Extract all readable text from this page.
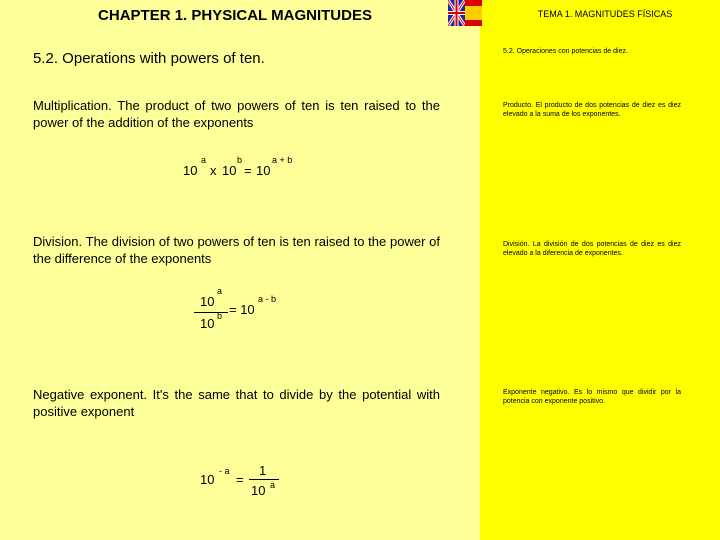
CHAPTER 1. PHYSICAL MAGNITUDES	TEMA 1. MAGNITUDES FÍSICAS
5.2. Operations with powers of ten.	5.2. Operaciones con potencias de diez.
Multiplication. The product of two powers of ten is ten raised to the power of the addition of the exponents
Producto. El producto de dos potencias de diez es diez elevado a la suma de los exponentes.
10
a
x 10
b
= 10
a + b
Division. The division of two powers of ten is ten raised to the power of the difference of the exponents
División. La división de dos potencias de diez es diez elevado a la diferencia de exponentes.
10
a
10 b = 10
a - b
Negative exponent. It's the same that to divide by the potential with positive exponent
Exponente negativo. Es lo mismo que dividir por la potencia con exponente positivo.
10
- a
=
1
10 a
